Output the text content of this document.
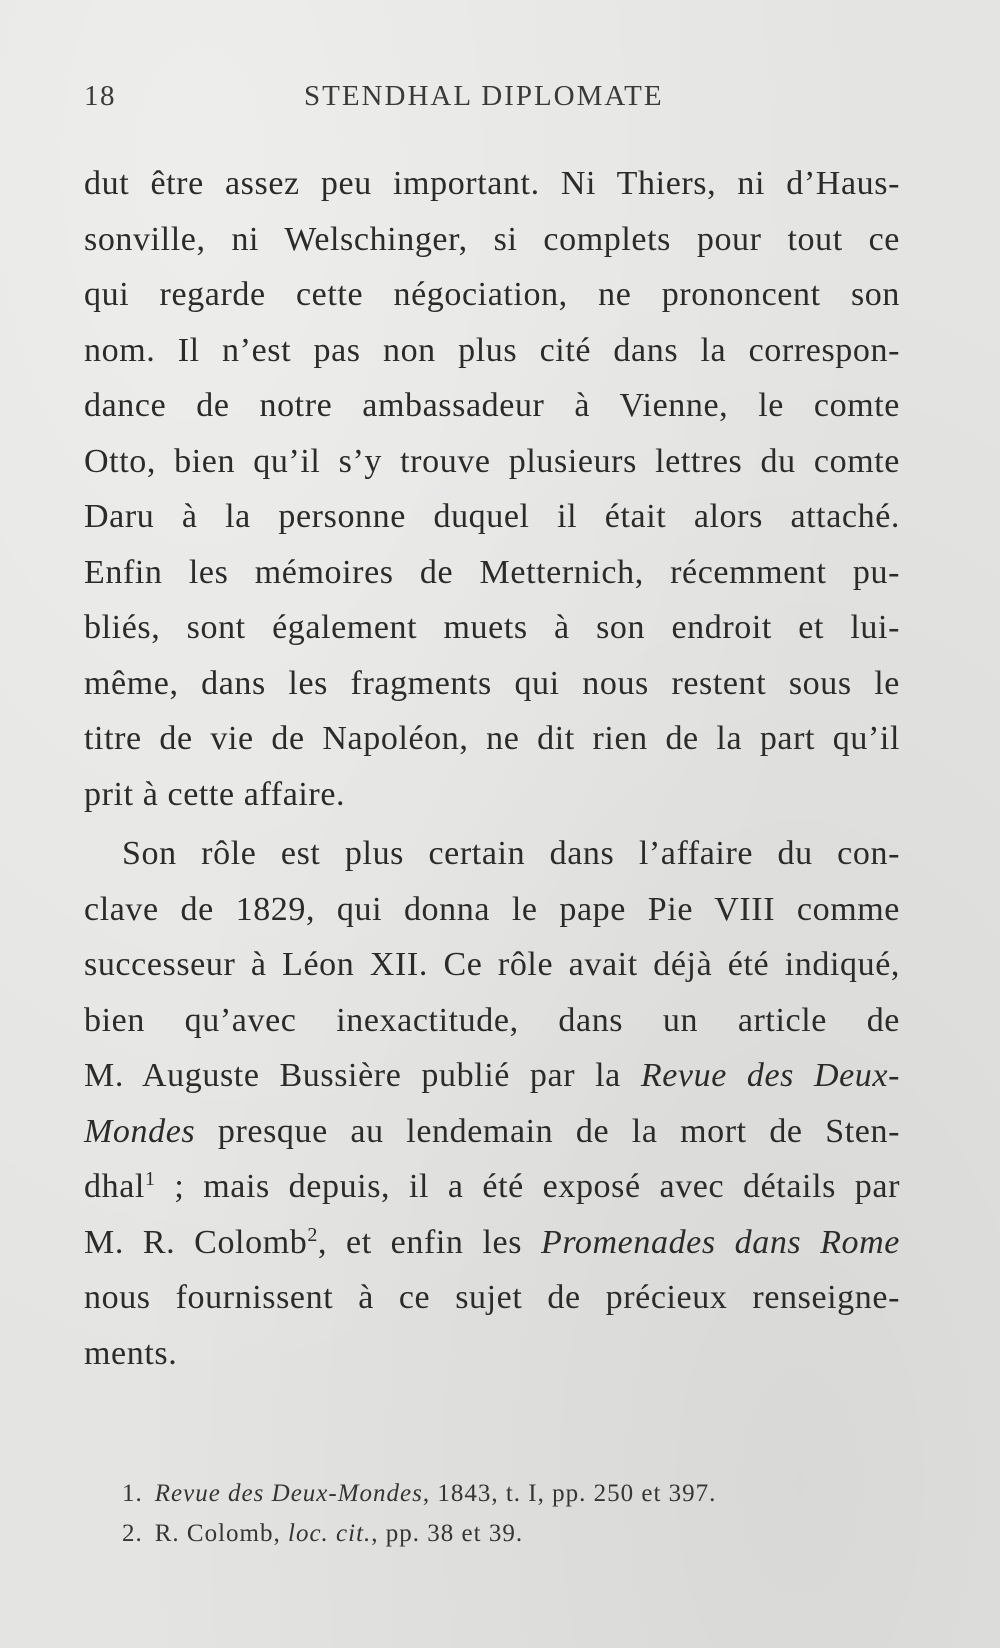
18	STENDHAL DIPLOMATE
dut être assez peu important. Ni Thiers, ni d’Haus-
sonville, ni Welschinger, si complets pour tout ce
qui regarde cette négociation, ne prononcent son
nom. Il n’est pas non plus cité dans la correspon-
dance de notre ambassadeur à Vienne, le comte
Otto, bien qu’il s’y trouve plusieurs lettres du comte
Daru à la personne duquel il était alors attaché.
Enfin les mémoires de Metternich, récemment pu-
bliés, sont également muets à son endroit et lui-
même, dans les fragments qui nous restent sous le
titre de vie de Napoléon, ne dit rien de la part qu’il
prit à cette affaire.
Son rôle est plus certain dans l’affaire du con-
clave de 1829, qui donna le pape Pie VIII comme
successeur à Léon XII. Ce rôle avait déjà été indiqué,
bien qu’avec inexactitude, dans un article de
M. Auguste Bussière publié par la Revue des Deux-
Mondes presque au lendemain de la mort de Sten-
dhal$^1$ ; mais depuis, il a été exposé avec détails par
M. R. Colomb$^2$, et enfin les Promenades dans Rome
nous fournissent à ce sujet de précieux renseigne-
ments.
1. Revue des Deux-Mondes, 1843, t. I, pp. 250 et 397.
2. R. Colomb, loc. cit., pp. 38 et 39.
